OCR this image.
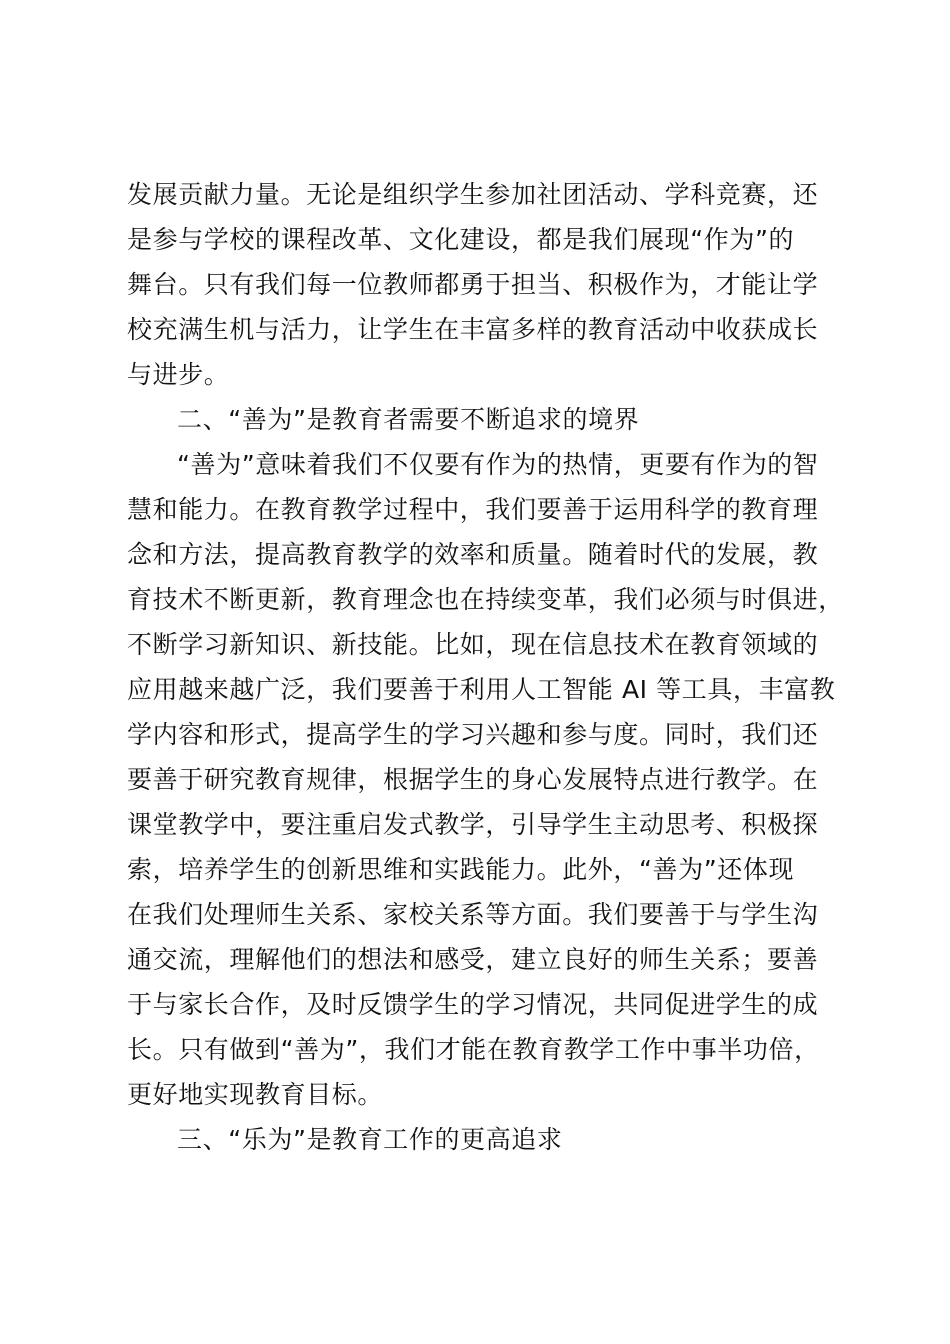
发展贡献力量。无论是组织学生参加社团活动、学科竞赛，还
是参与学校的课程改革、文化建设，都是我们展现“作为”的
舞台。只有我们每一位教师都勇于担当、积极作为，才能让学
校充满生机与活力，让学生在丰富多样的教育活动中收获成长
与进步。
二、“善为”是教育者需要不断追求的境界
“善为”意味着我们不仅要有作为的热情，更要有作为的智
慧和能力。在教育教学过程中，我们要善于运用科学的教育理
念和方法，提高教育教学的效率和质量。随着时代的发展，教
育技术不断更新，教育理念也在持续变革，我们必须与时俱进，
不断学习新知识、新技能。比如，现在信息技术在教育领域的
应用越来越广泛，我们要善于利用人工智能 AI 等工具，丰富教
学内容和形式，提高学生的学习兴趣和参与度。同时，我们还
要善于研究教育规律，根据学生的身心发展特点进行教学。在
课堂教学中，要注重启发式教学，引导学生主动思考、积极探
索，培养学生的创新思维和实践能力。此外，“善为”还体现
在我们处理师生关系、家校关系等方面。我们要善于与学生沟
通交流，理解他们的想法和感受，建立良好的师生关系；要善
于与家长合作，及时反馈学生的学习情况，共同促进学生的成
长。只有做到“善为”，我们才能在教育教学工作中事半功倍，
更好地实现教育目标。
三、“乐为”是教育工作的更高追求
